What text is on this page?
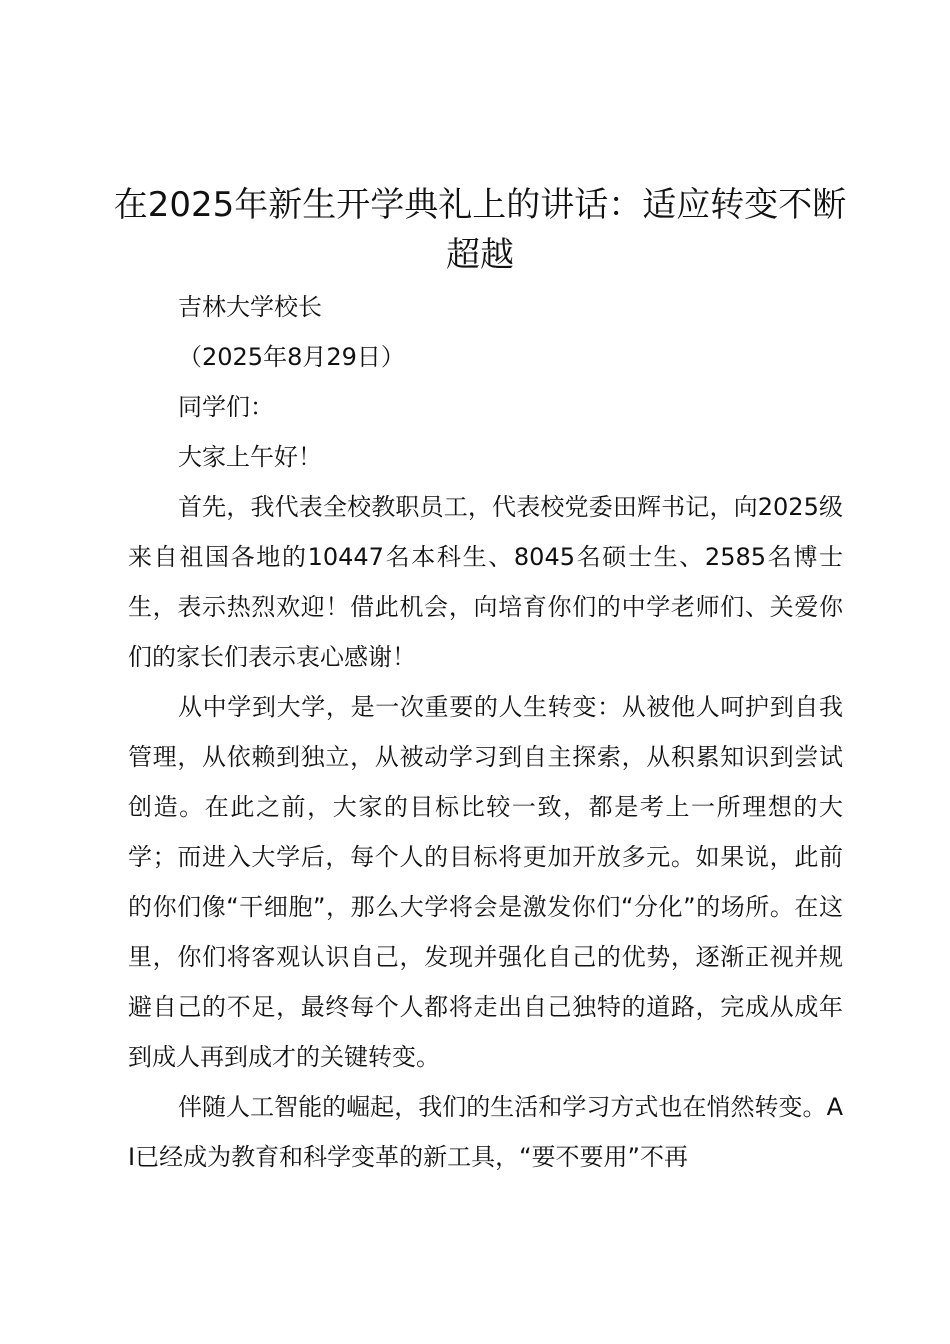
在2025年新生开学典礼上的讲话：适应转变不断超越

吉林大学校长

（2025年8月29日）

同学们：

大家上午好！

首先，我代表全校教职员工，代表校党委田辉书记，向2025级来自祖国各地的10447名本科生、8045名硕士生、2585名博士生，表示热烈欢迎！借此机会，向培育你们的中学老师们、关爱你们的家长们表示衷心感谢！

从中学到大学，是一次重要的人生转变：从被他人呵护到自我管理，从依赖到独立，从被动学习到自主探索，从积累知识到尝试创造。在此之前，大家的目标比较一致，都是考上一所理想的大学；而进入大学后，每个人的目标将更加开放多元。如果说，此前的你们像“干细胞”，那么大学将会是激发你们“分化”的场所。在这里，你们将客观认识自己，发现并强化自己的优势，逐渐正视并规避自己的不足，最终每个人都将走出自己独特的道路，完成从成年到成人再到成才的关键转变。

伴随人工智能的崛起，我们的生活和学习方式也在悄然转变。AI已经成为教育和科学变革的新工具，“要不要用”不再
